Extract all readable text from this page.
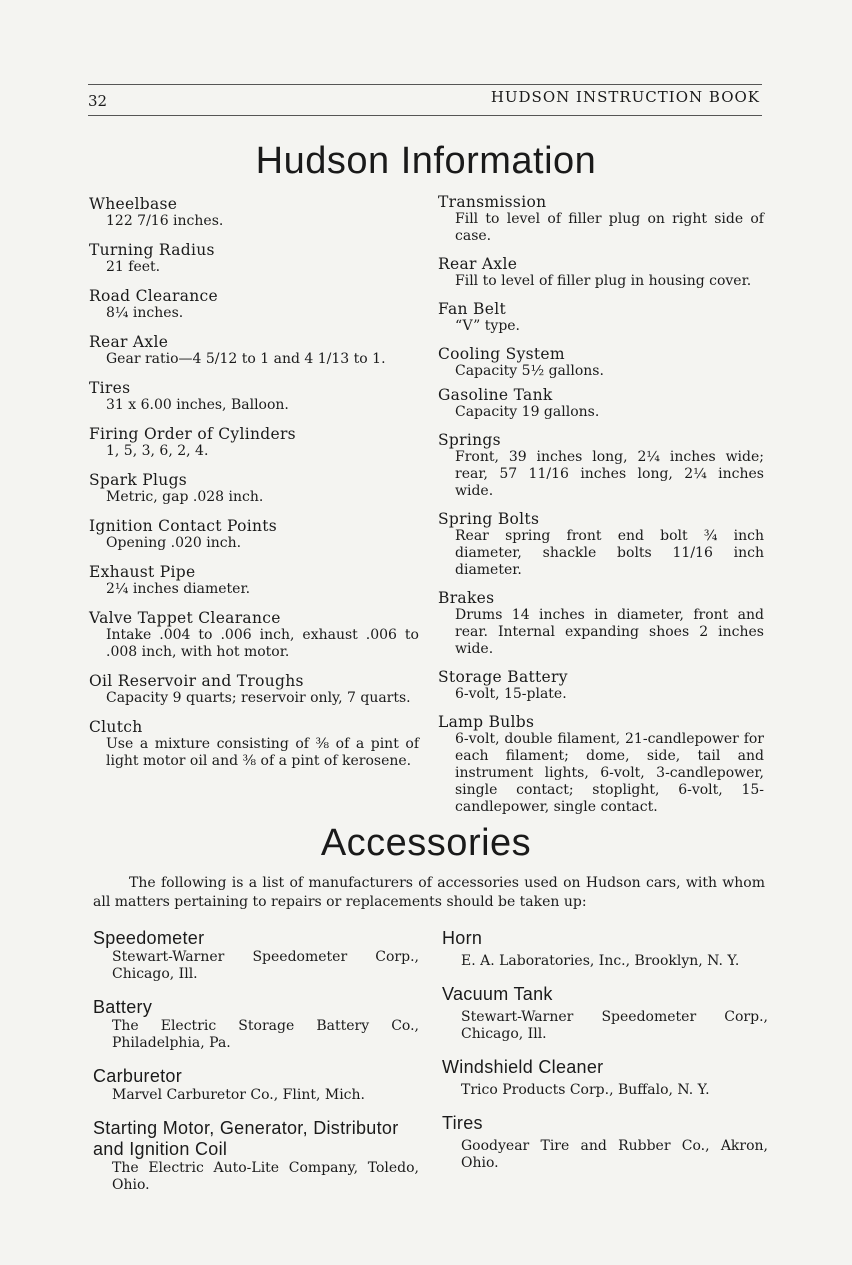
32	HUDSON INSTRUCTION BOOK
Hudson Information
Wheelbase
122 7/16 inches.
Turning Radius
21 feet.
Road Clearance
8¼ inches.
Rear Axle
Gear ratio—4 5/12 to 1 and 4 1/13 to 1.
Tires
31 x 6.00 inches, Balloon.
Firing Order of Cylinders
1, 5, 3, 6, 2, 4.
Spark Plugs
Metric, gap .028 inch.
Ignition Contact Points
Opening .020 inch.
Exhaust Pipe
2¼ inches diameter.
Valve Tappet Clearance
Intake .004 to .006 inch, exhaust .006 to .008 inch, with hot motor.
Oil Reservoir and Troughs
Capacity 9 quarts; reservoir only, 7 quarts.
Clutch
Use a mixture consisting of ⅜ of a pint of light motor oil and ⅜ of a pint of kerosene.
Transmission
Fill to level of filler plug on right side of case.
Rear Axle
Fill to level of filler plug in housing cover.
Fan Belt
“V” type.
Cooling System
Capacity 5½ gallons.
Gasoline Tank
Capacity 19 gallons.
Springs
Front, 39 inches long, 2¼ inches wide; rear, 57 11/16 inches long, 2¼ inches wide.
Spring Bolts
Rear spring front end bolt ¾ inch diameter, shackle bolts 11/16 inch diameter.
Brakes
Drums 14 inches in diameter, front and rear. Internal expanding shoes 2 inches wide.
Storage Battery
6-volt, 15-plate.
Lamp Bulbs
6-volt, double filament, 21-candlepower for each filament; dome, side, tail and instrument lights, 6-volt, 3-candlepower, single contact; stoplight, 6-volt, 15-candlepower, single contact.
Accessories
The following is a list of manufacturers of accessories used on Hudson cars, with whom all matters pertaining to repairs or replacements should be taken up:
Speedometer
Stewart-Warner Speedometer Corp., Chicago, Ill.
Battery
The Electric Storage Battery Co., Philadelphia, Pa.
Carburetor
Marvel Carburetor Co., Flint, Mich.
Starting Motor, Generator, Distributor and Ignition Coil
The Electric Auto-Lite Company, Toledo, Ohio.
Horn
E. A. Laboratories, Inc., Brooklyn, N. Y.
Vacuum Tank
Stewart-Warner Speedometer Corp., Chicago, Ill.
Windshield Cleaner
Trico Products Corp., Buffalo, N. Y.
Tires
Goodyear Tire and Rubber Co., Akron, Ohio.
